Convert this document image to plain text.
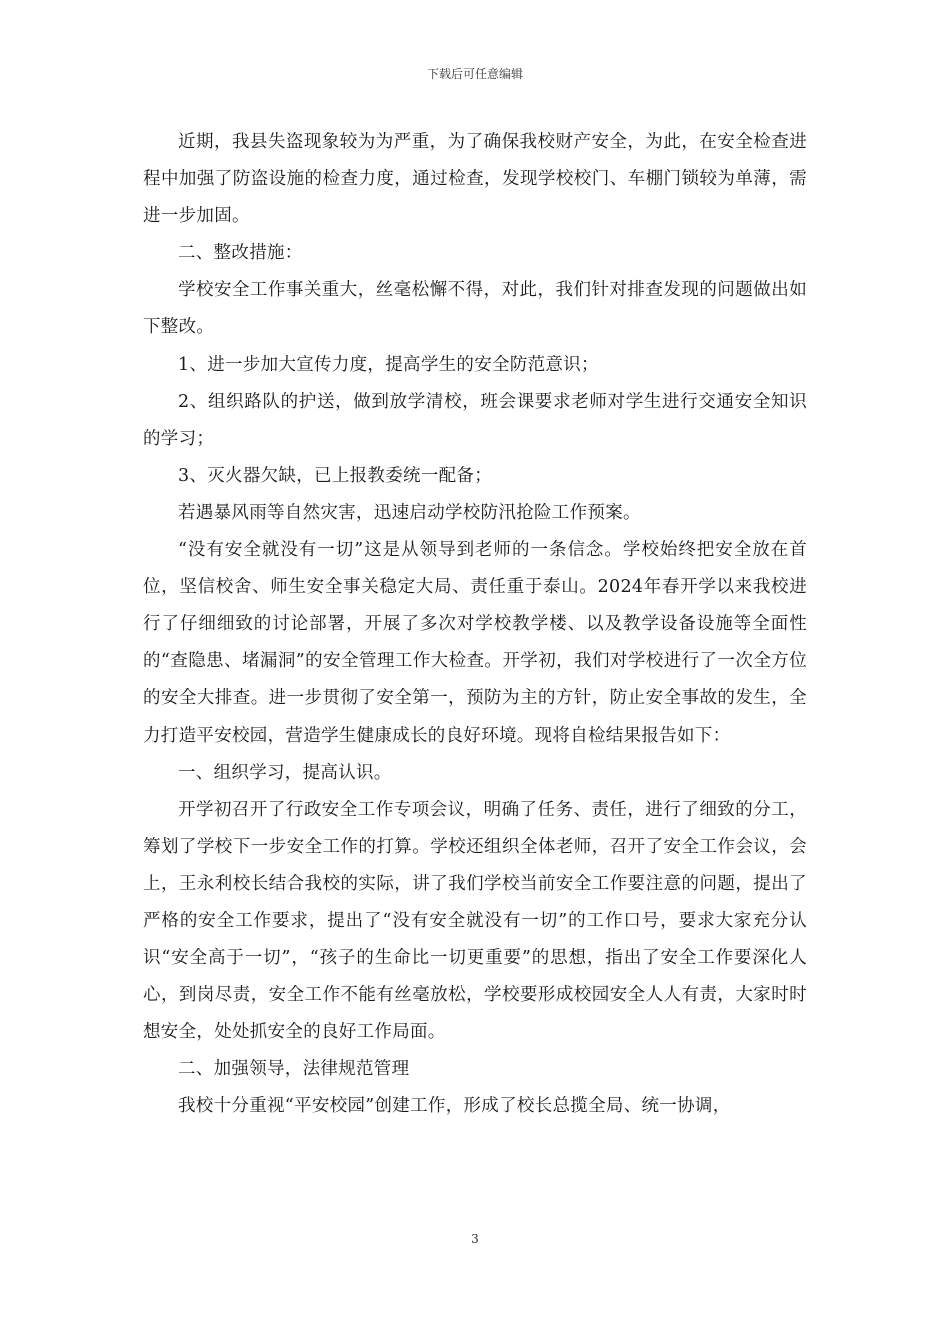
下载后可任意编辑

近期，我县失盗现象较为为严重，为了确保我校财产安全，为此，在安全检查进程中加强了防盗设施的检查力度，通过检查，发现学校校门、车棚门锁较为单薄，需进一步加固。

二、整改措施：

学校安全工作事关重大，丝毫松懈不得，对此，我们针对排查发现的问题做出如下整改。

1、进一步加大宣传力度，提高学生的安全防范意识；

2、组织路队的护送，做到放学清校，班会课要求老师对学生进行交通安全知识的学习；

3、灭火器欠缺，已上报教委统一配备；

若遇暴风雨等自然灾害，迅速启动学校防汛抢险工作预案。

“没有安全就没有一切”这是从领导到老师的一条信念。学校始终把安全放在首位，坚信校舍、师生安全事关稳定大局、责任重于泰山。2024年春开学以来我校进行了仔细细致的讨论部署，开展了多次对学校教学楼、以及教学设备设施等全面性的“查隐患、堵漏洞”的安全管理工作大检查。开学初，我们对学校进行了一次全方位的安全大排查。进一步贯彻了安全第一，预防为主的方针，防止安全事故的发生，全力打造平安校园，营造学生健康成长的良好环境。现将自检结果报告如下：

一、组织学习，提高认识。

开学初召开了行政安全工作专项会议，明确了任务、责任，进行了细致的分工，筹划了学校下一步安全工作的打算。学校还组织全体老师，召开了安全工作会议，会上，王永利校长结合我校的实际，讲了我们学校当前安全工作要注意的问题，提出了严格的安全工作要求，提出了“没有安全就没有一切”的工作口号，要求大家充分认识“安全高于一切”，“孩子的生命比一切更重要”的思想，指出了安全工作要深化人心，到岗尽责，安全工作不能有丝毫放松，学校要形成校园安全人人有责，大家时时想安全，处处抓安全的良好工作局面。

二、加强领导，法律规范管理

我校十分重视“平安校园”创建工作，形成了校长总揽全局、统一协调，

3
